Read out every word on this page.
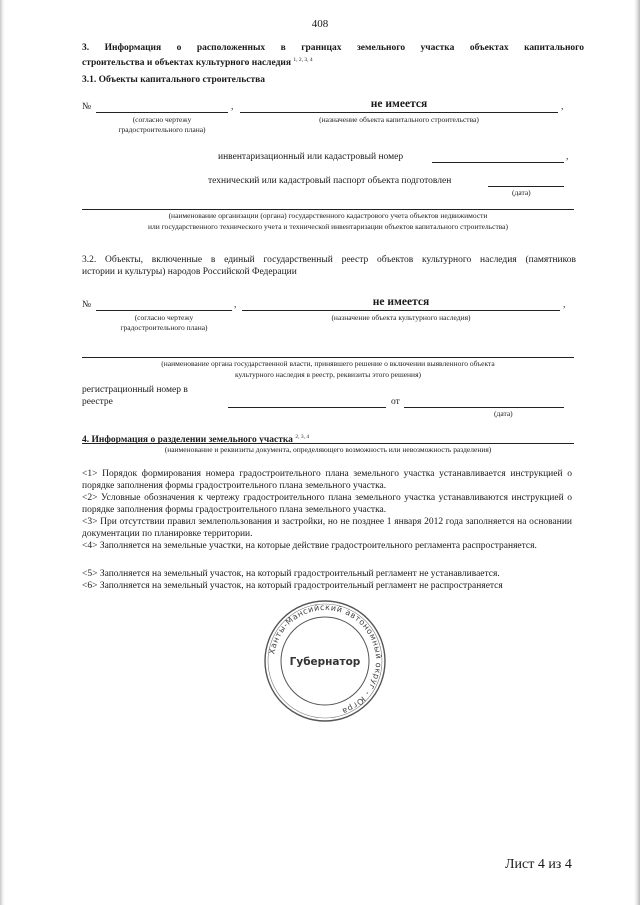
408
3. Информация о расположенных в границах земельного участка объектах капитального
строительства и объектах культурного наследия $^{1, 2, 3, 4}$
3.1. Объекты капитального строительства
№	,	не имеется	,
(согласно чертежу
градостроительного плана)
(назначение объекта капитального строительства)
инвентаризационный или кадастровый номер	,
технический или кадастровый паспорт объекта подготовлен
(дата)
(наименование организации (органа) государственного кадастрового учета объектов недвижимости
или государственного технического учета и технической инвентаризации объектов капитального строительства)
3.2. Объекты, включенные в единый государственный реестр объектов культурного наследия (памятников
истории и культуры) народов Российской Федерации
№	,	не имеется	,
(согласно чертежу
градостроительного плана)
(назначение объекта культурного наследия)
(наименование органа государственной власти, принявшего решение о включении выявленного объекта
культурного наследия в реестр, реквизиты этого решения)
регистрационный номер в
реестре	от
(дата)
4. Информация о разделении земельного участка $^{2, 3, 4}$
(наименование и реквизиты документа, определяющего возможность или невозможность разделения)
<1> Порядок формирования номера градостроительного плана земельного участка устанавливается инструкцией о порядке заполнения формы градостроительного плана земельного участка.
<2> Условные обозначения к чертежу градостроительного плана земельного участка устанавливаются инструкцией о порядке заполнения формы градостроительного плана земельного участка.
<3> При отсутствии правил землепользования и застройки, но не позднее 1 января 2012 года заполняется на основании документации по планировке территории.
<4> Заполняется на земельные участки, на которые действие градостроительного регламента распространяется.
<5> Заполняется на земельный участок, на который градостроительный регламент не устанавливается.
<6> Заполняется на земельный участок, на который градостроительный регламент не распространяется
Ханты-Мансийский автономный округ - Югра
Губернатор
Лист 4 из 4
